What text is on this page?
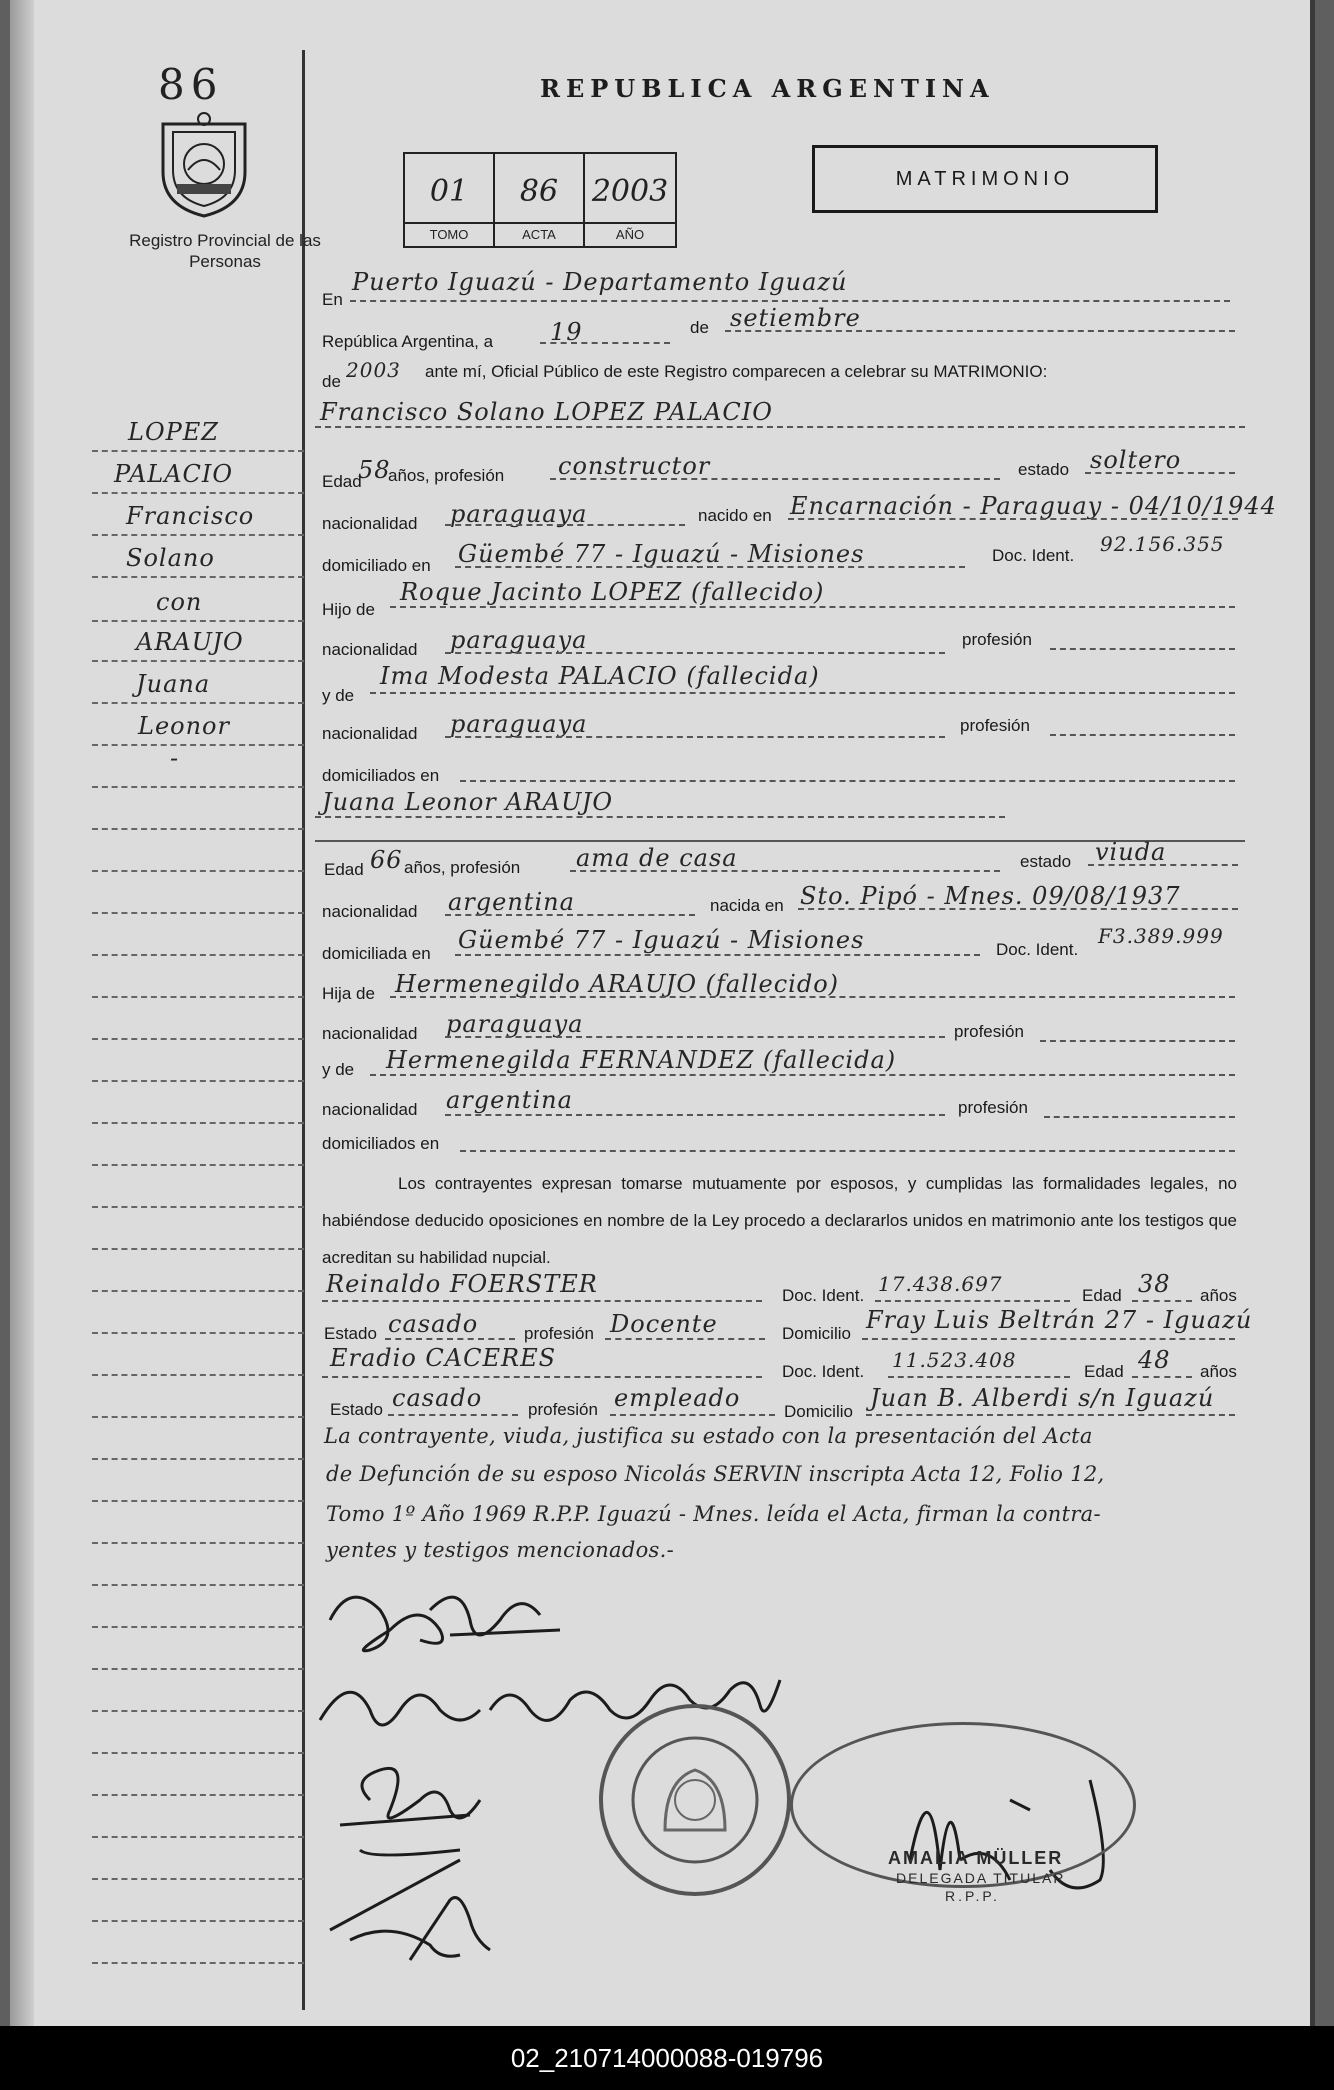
86
Registro Provincial de las Personas
REPUBLICA ARGENTINA
01
TOMO
86
ACTA
2003
AÑO
MATRIMONIO
LOPEZ
PALACIO
Francisco
Solano
con
ARAUJO
Juana
Leonor
-
En
Puerto Iguazú - Departamento Iguazú
República Argentina, a 19	de setiembre
de 2003 ante mí, Oficial Público de este Registro comparecen a celebrar su MATRIMONIO:
Francisco Solano LOPEZ PALACIO
Edad
58
años, profesión constructor	estado soltero
nacionalidad paraguaya	nacido en Encarnación - Paraguay - 04/10/1944
domiciliado en Güembé 77 - Iguazú - Misiones	Doc. Ident. 92.156.355
Hijo de
Roque Jacinto LOPEZ (fallecido)
nacionalidad paraguaya	profesión
y de
Ima Modesta PALACIO (fallecida)
nacionalidad paraguaya	profesión
domiciliados en
Juana Leonor ARAUJO
Edad 66 años, profesión ama de casa	estado viuda
nacionalidad argentina	nacida en Sto. Pipó - Mnes. 09/08/1937
domiciliada en Güembé 77 - Iguazú - Misiones	Doc. Ident.
F3.389.999
Hija de Hermenegildo ARAUJO (fallecido)
nacionalidad paraguaya	profesión
y de Hermenegilda FERNANDEZ (fallecida)
nacionalidad argentina	profesión
domiciliados en
Los contrayentes expresan tomarse mutuamente por esposos, y cumplidas las formalidades legales, no habiéndose deducido oposiciones en nombre de la Ley procedo a declararlos unidos en matrimonio ante los testigos que acreditan su habilidad nupcial.
Reinaldo FOERSTER	Doc. Ident. 17.438.697	Edad 38 años
Estado casado	profesión Docente	Domicilio Fray Luis Beltrán 27 - Iguazú
Eradio CACERES	Doc. Ident. 11.523.408	Edad 48 años
Estado casado	profesión empleado	Domicilio Juan B. Alberdi s/n Iguazú
La contrayente, viuda, justifica su estado con la presentación del Acta
de Defunción de su esposo Nicolás SERVIN inscripta Acta 12, Folio 12,
Tomo 1º Año 1969 R.P.P. Iguazú - Mnes. leída el Acta, firman la contra-
yentes y testigos mencionados.-
AMALIA MÜLLER
DELEGADA TITULAR
R.P.P.
02_210714000088-019796
